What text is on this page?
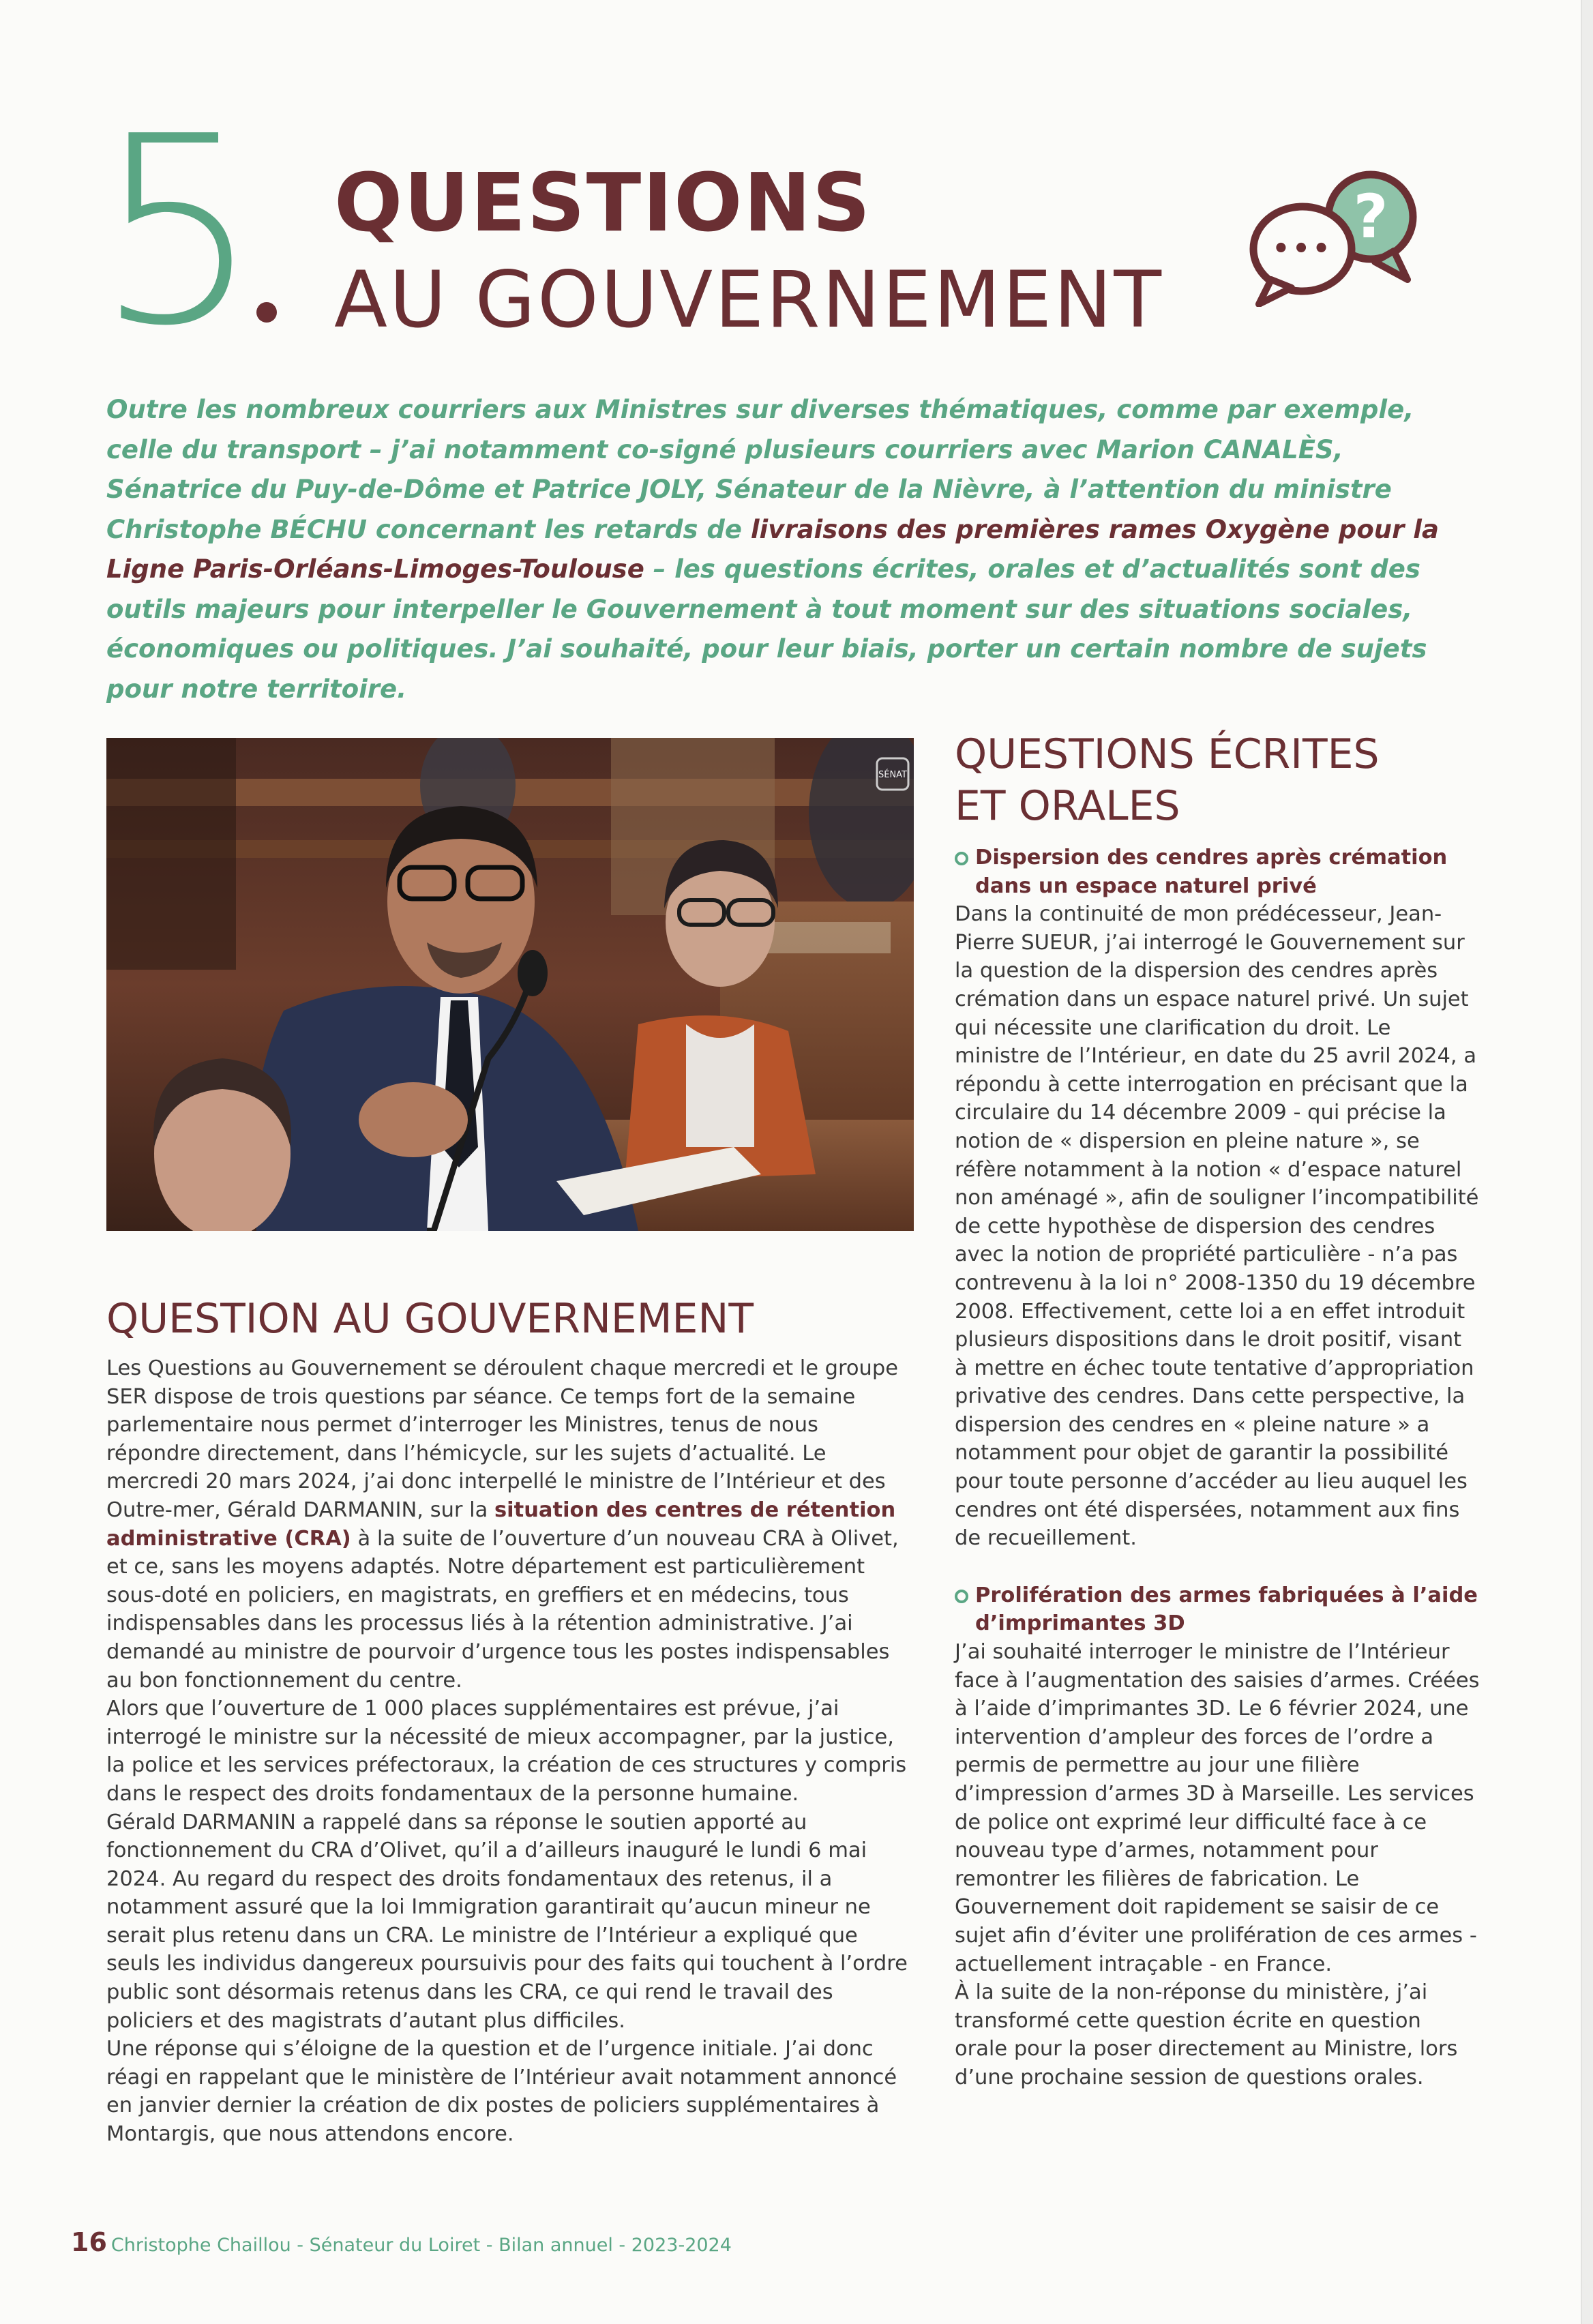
5 QUESTIONS
AU GOUVERNEMENT
?
•••
Outre les nombreux courriers aux Ministres sur diverses thématiques, comme par exemple, celle du transport – j’ai notamment co-signé plusieurs courriers avec Marion CANALÈS, Sénatrice du Puy-de-Dôme et Patrice JOLY, Sénateur de la Nièvre, à l’attention du ministre Christophe BÉCHU concernant les retards de livraisons des premières rames Oxygène pour la Ligne Paris-Orléans-Limoges-Toulouse – les questions écrites, orales et d’actualités sont des outils majeurs pour interpeller le Gouvernement à tout moment sur des situations sociales, économiques ou politiques. J’ai souhaité, pour leur biais, porter un certain nombre de sujets pour notre territoire.
SÉNAT
QUESTION AU GOUVERNEMENT

Les Questions au Gouvernement se déroulent chaque mercredi et le groupe SER dispose de trois questions par séance. Ce temps fort de la semaine parlementaire nous permet d’interroger les Ministres, tenus de nous répondre directement, dans l’hémicycle, sur les sujets d’actualité. Le mercredi 20 mars 2024, j’ai donc interpellé le ministre de l’Intérieur et des Outre-mer, Gérald DARMANIN, sur la situation des centres de rétention administrative (CRA) à la suite de l’ouverture d’un nouveau CRA à Olivet, et ce, sans les moyens adaptés. Notre département est particulièrement sous-doté en policiers, en magistrats, en greffiers et en médecins, tous indispensables dans les processus liés à la rétention administrative. J’ai demandé au ministre de pourvoir d’urgence tous les postes indispensables au bon fonctionnement du centre.

Alors que l’ouverture de 1 000 places supplémentaires est prévue, j’ai interrogé le ministre sur la nécessité de mieux accompagner, par la justice, la police et les services préfectoraux, la création de ces structures y compris dans le respect des droits fondamentaux de la personne humaine.

Gérald DARMANIN a rappelé dans sa réponse le soutien apporté au fonctionnement du CRA d’Olivet, qu’il a d’ailleurs inauguré le lundi 6 mai 2024. Au regard du respect des droits fondamentaux des retenus, il a notamment assuré que la loi Immigration garantirait qu’aucun mineur ne serait plus retenu dans un CRA. Le ministre de l’Intérieur a expliqué que seuls les individus dangereux poursuivis pour des faits qui touchent à l’ordre public sont désormais retenus dans les CRA, ce qui rend le travail des policiers et des magistrats d’autant plus difficiles.

Une réponse qui s’éloigne de la question et de l’urgence initiale. J’ai donc réagi en rappelant que le ministère de l’Intérieur avait notamment annoncé en janvier dernier la création de dix postes de policiers supplémentaires à Montargis, que nous attendons encore.

QUESTIONS ÉCRITES
ET ORALES
Dispersion des cendres après crémation dans un espace naturel privé

Dans la continuité de mon prédécesseur, Jean-Pierre SUEUR, j’ai interrogé le Gouvernement sur la question de la dispersion des cendres après crémation dans un espace naturel privé. Un sujet qui nécessite une clarification du droit. Le ministre de l’Intérieur, en date du 25 avril 2024, a répondu à cette interrogation en précisant que la circulaire du 14 décembre 2009 - qui précise la notion de « dispersion en pleine nature », se réfère notamment à la notion « d’espace naturel non aménagé », afin de souligner l’incompatibilité de cette hypothèse de dispersion des cendres avec la notion de propriété particulière - n’a pas contrevenu à la loi n° 2008-1350 du 19 décembre 2008. Effectivement, cette loi a en effet introduit plusieurs dispositions dans le droit positif, visant à mettre en échec toute tentative d’appropriation privative des cendres. Dans cette perspective, la dispersion des cendres en « pleine nature » a notamment pour objet de garantir la possibilité pour toute personne d’accéder au lieu auquel les cendres ont été dispersées, notamment aux fins de recueillement.

Prolifération des armes fabriquées à l’aide d’imprimantes 3D

J’ai souhaité interroger le ministre de l’Intérieur face à l’augmentation des saisies d’armes. Créées à l’aide d’imprimantes 3D. Le 6 février 2024, une intervention d’ampleur des forces de l’ordre a permis de permettre au jour une filière d’impression d’armes 3D à Marseille. Les services de police ont exprimé leur difficulté face à ce nouveau type d’armes, notamment pour remontrer les filières de fabrication. Le Gouvernement doit rapidement se saisir de ce sujet afin d’éviter une prolifération de ces armes - actuellement intraçable - en France.

À la suite de la non-réponse du ministère, j’ai transformé cette question écrite en question orale pour la poser directement au Ministre, lors d’une prochaine session de questions orales.

16 Christophe Chaillou - Sénateur du Loiret - Bilan annuel - 2023-2024
